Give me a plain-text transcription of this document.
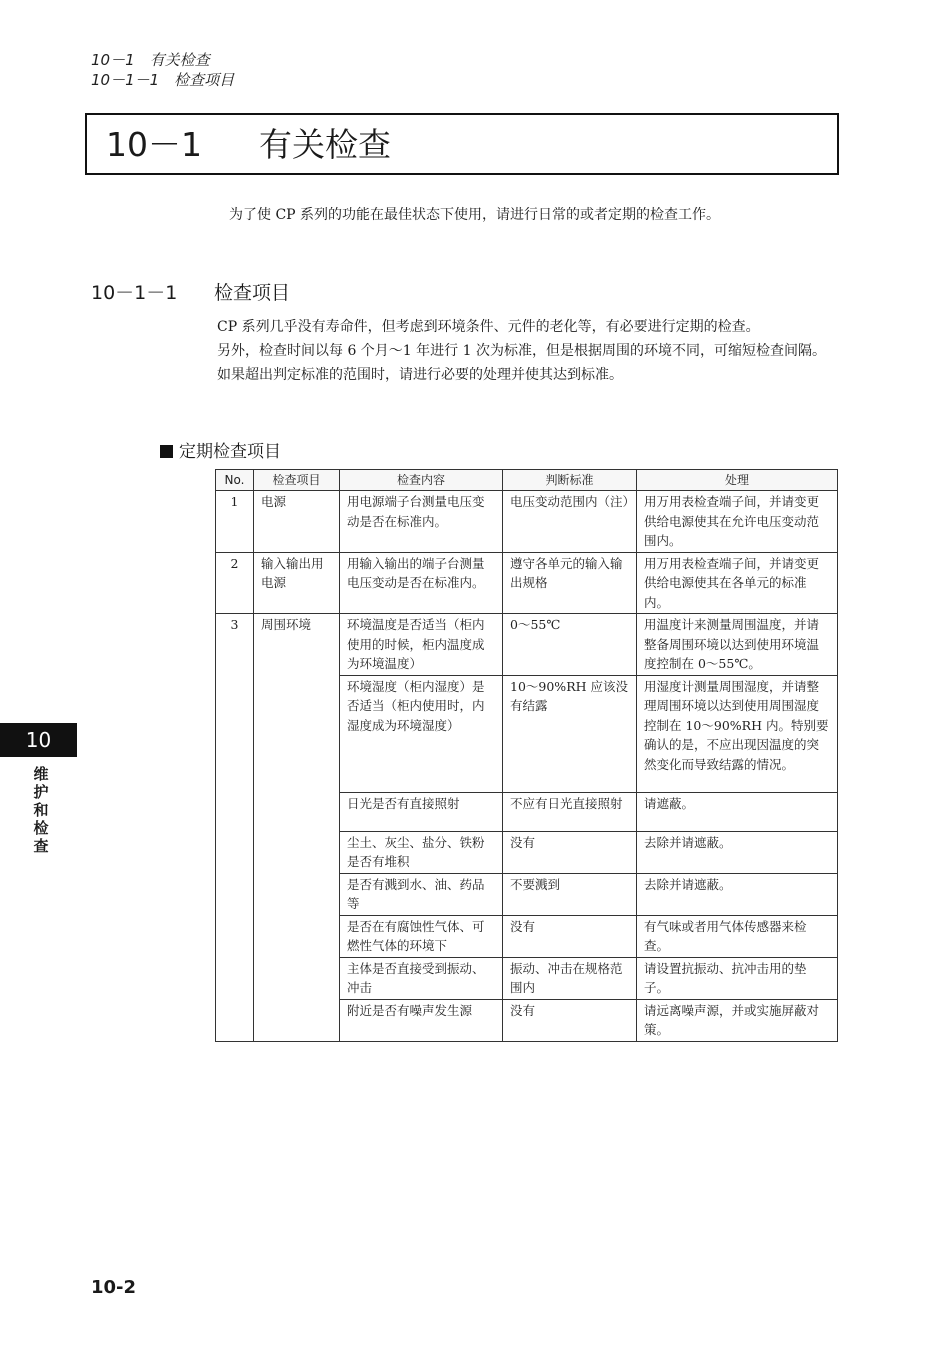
10－1　有关检查
10－1－1　检查项目
10－1 有关检查
为了使 CP 系列的功能在最佳状态下使用，请进行日常的或者定期的检查工作。
10－1－1 检查项目

CP 系列几乎没有寿命件，但考虑到环境条件、元件的老化等，有必要进行定期的检查。

另外，检查时间以每 6 个月～1 年进行 1 次为标准，但是根据周围的环境不同，可缩短检查间隔。

如果超出判定标准的范围时，请进行必要的处理并使其达到标准。

定期检查项目
No.	检查项目	检查内容	判断标准	处理
1	电源	用电源端子台测量电压变动是否在标准内。	电压变动范围内（注）	用万用表检查端子间，并请变更供给电源使其在允许电压变动范围内。
2	输入输出用电源	用输入输出的端子台测量电压变动是否在标准内。	遵守各单元的输入输出规格	用万用表检查端子间，并请变更供给电源使其在各单元的标准内。
3	周围环境	环境温度是否适当（柜内使用的时候，柜内温度成为环境温度）	0～55℃	用温度计来测量周围温度，并请整备周围环境以达到使用环境温度控制在 0～55℃。
		环境湿度（柜内湿度）是否适当（柜内使用时，内湿度成为环境湿度）	10～90%RH 应该没有结露	用湿度计测量周围湿度，并请整理周围环境以达到使用周围湿度控制在 10～90%RH 内。特别要确认的是，不应出现因温度的突然变化而导致结露的情况。
		日光是否有直接照射	不应有日光直接照射	请遮蔽。
		尘土、灰尘、盐分、铁粉是否有堆积	没有	去除并请遮蔽。
		是否有溅到水、油、药品等	不要溅到	去除并请遮蔽。
		是否在有腐蚀性气体、可燃性气体的环境下	没有	有气味或者用气体传感器来检查。
		主体是否直接受到振动、冲击	振动、冲击在规格范围内	请设置抗振动、抗冲击用的垫子。
		附近是否有噪声发生源	没有	请远离噪声源，并或实施屏蔽对策。
10
维
护
和
检
查
10-2
